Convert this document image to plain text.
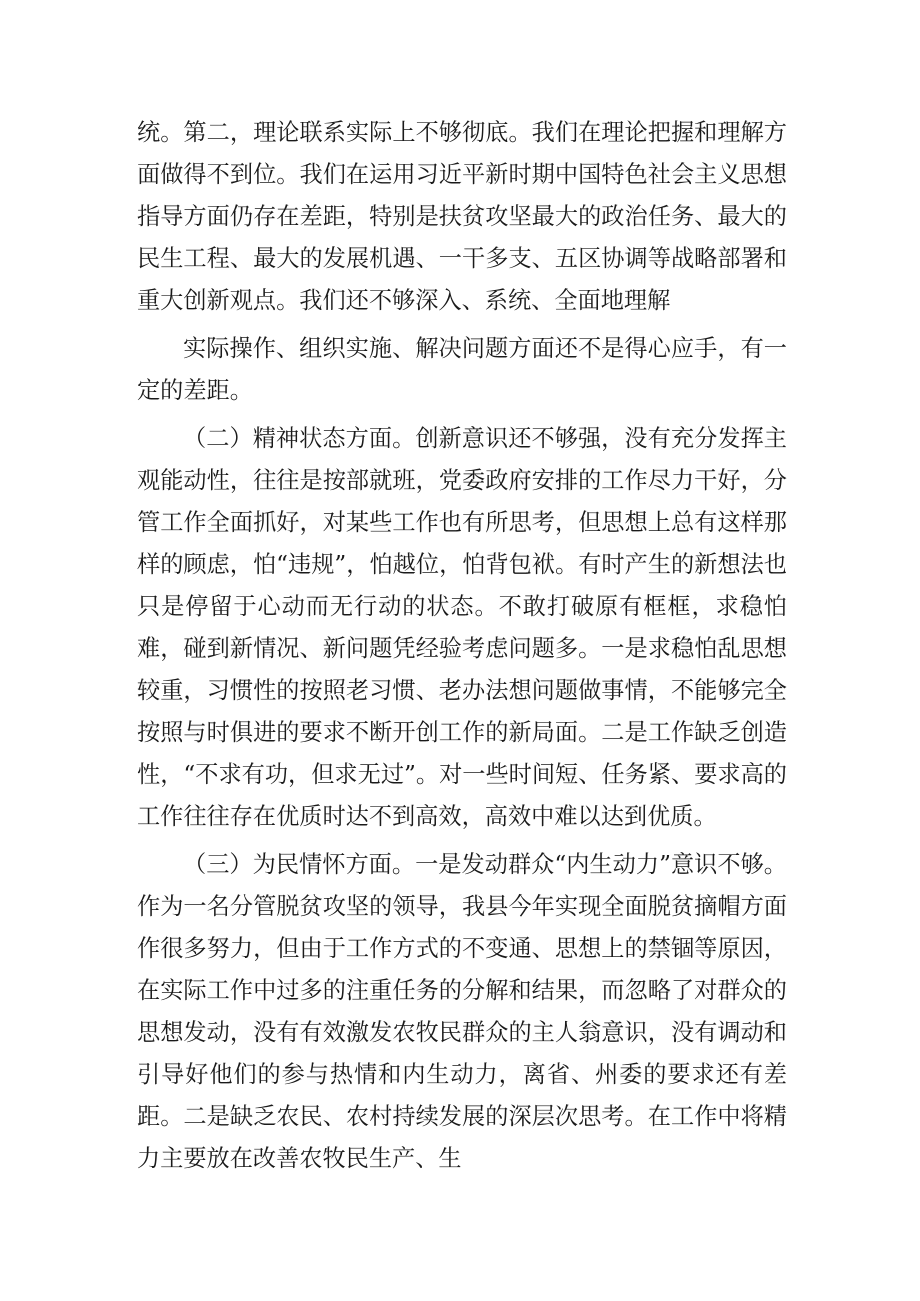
统。第二，理论联系实际上不够彻底。我们在理论把握和理解方面做得不到位。我们在运用习近平新时期中国特色社会主义思想指导方面仍存在差距，特别是扶贫攻坚最大的政治任务、最大的民生工程、最大的发展机遇、一干多支、五区协调等战略部署和重大创新观点。我们还不够深入、系统、全面地理解

实际操作、组织实施、解决问题方面还不是得心应手，有一定的差距。

（二）精神状态方面。创新意识还不够强，没有充分发挥主观能动性，往往是按部就班，党委政府安排的工作尽力干好，分管工作全面抓好，对某些工作也有所思考，但思想上总有这样那样的顾虑，怕“违规”，怕越位，怕背包袱。有时产生的新想法也只是停留于心动而无行动的状态。不敢打破原有框框，求稳怕难，碰到新情况、新问题凭经验考虑问题多。一是求稳怕乱思想较重，习惯性的按照老习惯、老办法想问题做事情，不能够完全按照与时俱进的要求不断开创工作的新局面。二是工作缺乏创造性，“不求有功，但求无过”。对一些时间短、任务紧、要求高的工作往往存在优质时达不到高效，高效中难以达到优质。

（三）为民情怀方面。一是发动群众“内生动力”意识不够。作为一名分管脱贫攻坚的领导，我县今年实现全面脱贫摘帽方面作很多努力，但由于工作方式的不变通、思想上的禁锢等原因，在实际工作中过多的注重任务的分解和结果，而忽略了对群众的思想发动，没有有效激发农牧民群众的主人翁意识，没有调动和引导好他们的参与热情和内生动力，离省、州委的要求还有差距。二是缺乏农民、农村持续发展的深层次思考。在工作中将精力主要放在改善农牧民生产、生
